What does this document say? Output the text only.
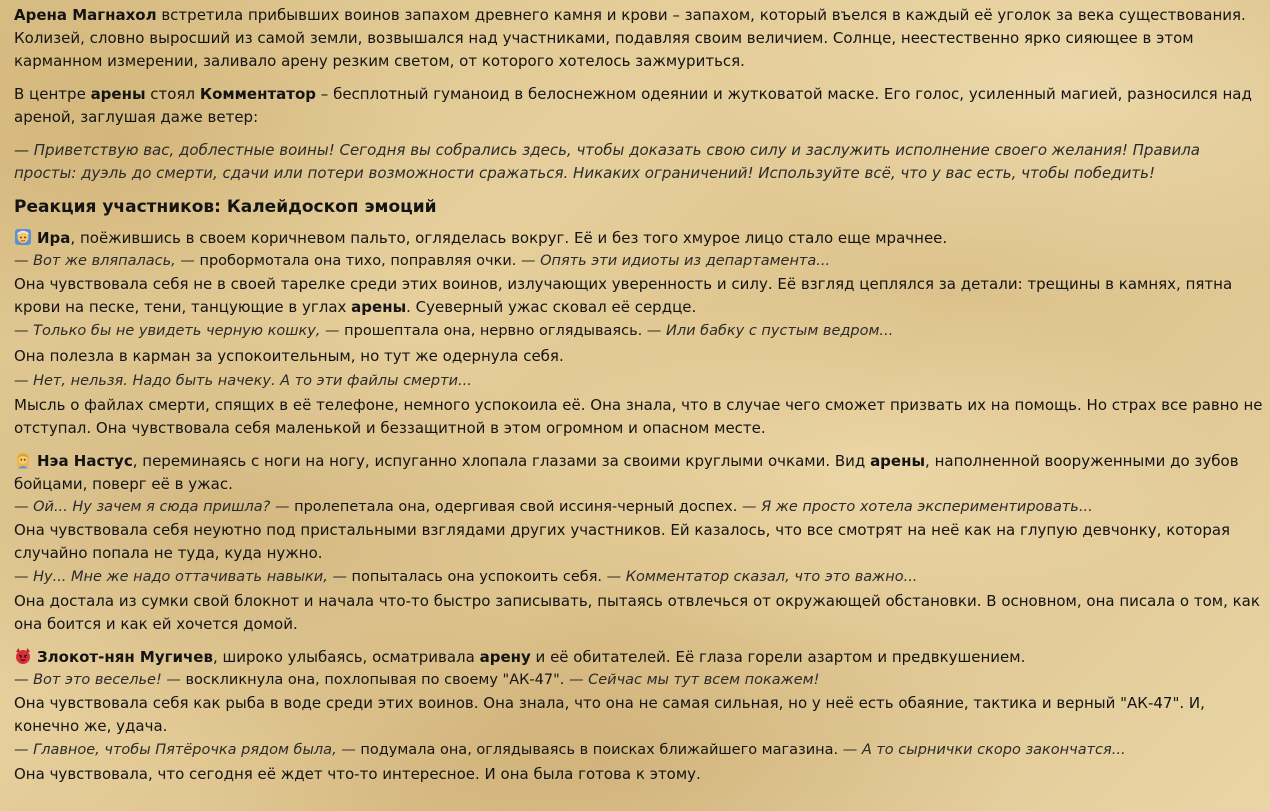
Арена Магнахол встретила прибывших воинов запахом древнего камня и крови – запахом, который въелся в каждый её уголок за века существования. Колизей, словно выросший из самой земли, возвышался над участниками, подавляя своим величием. Солнце, неестественно ярко сияющее в этом карманном измерении, заливало арену резким светом, от которого хотелось зажмуриться.

В центре арены стоял Комментатор – бесплотный гуманоид в белоснежном одеянии и жутковатой маске. Его голос, усиленный магией, разносился над ареной, заглушая даже ветер:

— Приветствую вас, доблестные воины! Сегодня вы собрались здесь, чтобы доказать свою силу и заслужить исполнение своего желания! Правила просты: дуэль до смерти, сдачи или потери возможности сражаться. Никаких ограничений! Используйте всё, что у вас есть, чтобы победить!

Реакция участников: Калейдоскоп эмоций

Ира, поёжившись в своем коричневом пальто, огляделась вокруг. Её и без того хмурое лицо стало еще мрачнее.

— Вот же вляпалась, — пробормотала она тихо, поправляя очки. — Опять эти идиоты из департамента...

Она чувствовала себя не в своей тарелке среди этих воинов, излучающих уверенность и силу. Её взгляд цеплялся за детали: трещины в камнях, пятна крови на песке, тени, танцующие в углах арены. Суеверный ужас сковал её сердце.

— Только бы не увидеть черную кошку, — прошептала она, нервно оглядываясь. — Или бабку с пустым ведром...

Она полезла в карман за успокоительным, но тут же одернула себя.

— Нет, нельзя. Надо быть начеку. А то эти файлы смерти...

Мысль о файлах смерти, спящих в её телефоне, немного успокоила её. Она знала, что в случае чего сможет призвать их на помощь. Но страх все равно не отступал. Она чувствовала себя маленькой и беззащитной в этом огромном и опасном месте.

Нэа Настус, переминаясь с ноги на ногу, испуганно хлопала глазами за своими круглыми очками. Вид арены, наполненной вооруженными до зубов бойцами, поверг её в ужас.

— Ой... Ну зачем я сюда пришла? — пролепетала она, одергивая свой иссиня-черный доспех. — Я же просто хотела экспериментировать...

Она чувствовала себя неуютно под пристальными взглядами других участников. Ей казалось, что все смотрят на неё как на глупую девчонку, которая случайно попала не туда, куда нужно.

— Ну... Мне же надо оттачивать навыки, — попыталась она успокоить себя. — Комментатор сказал, что это важно...

Она достала из сумки свой блокнот и начала что-то быстро записывать, пытаясь отвлечься от окружающей обстановки. В основном, она писала о том, как она боится и как ей хочется домой.

Злокот-нян Мугичев, широко улыбаясь, осматривала арену и её обитателей. Её глаза горели азартом и предвкушением.

— Вот это веселье! — воскликнула она, похлопывая по своему "АК-47". — Сейчас мы тут всем покажем!

Она чувствовала себя как рыба в воде среди этих воинов. Она знала, что она не самая сильная, но у неё есть обаяние, тактика и верный "АК-47". И, конечно же, удача.

— Главное, чтобы Пятёрочка рядом была, — подумала она, оглядываясь в поисках ближайшего магазина. — А то сырнички скоро закончатся...

Она чувствовала, что сегодня её ждет что-то интересное. И она была готова к этому.
